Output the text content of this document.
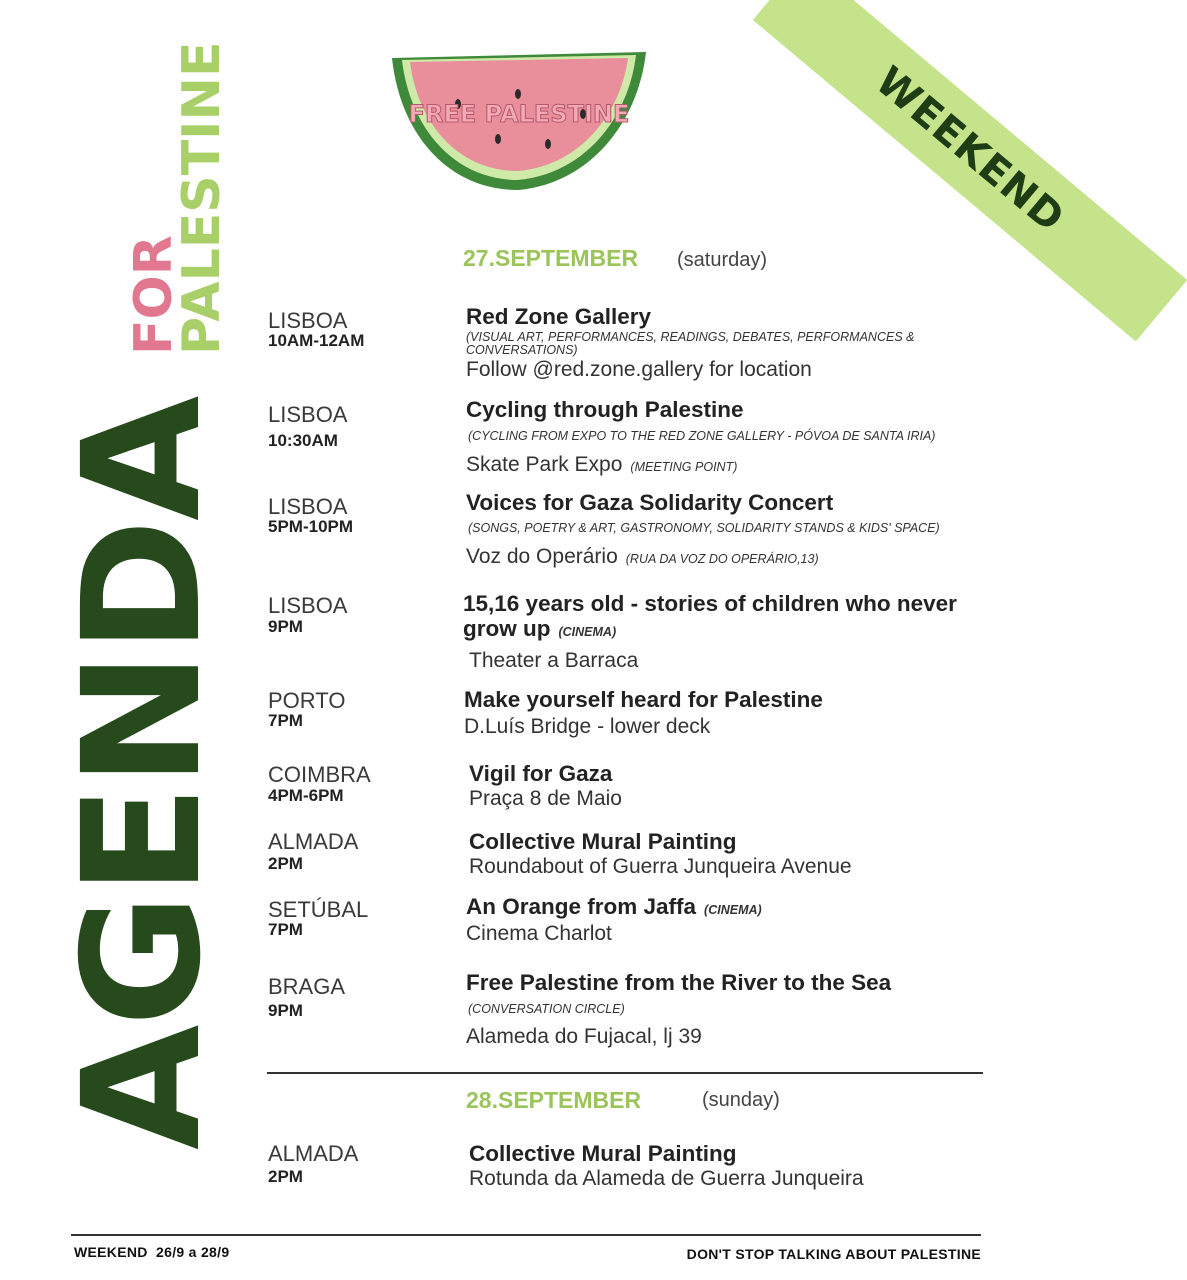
WEEKEND
FREE PALESTINE
AGENDA
FOR
PALESTINE	27.SEPTEMBER (saturday)
LISBOA
10AM-12AM
Red Zone Gallery
(VISUAL ART, PERFORMANCES, READINGS, DEBATES, PERFORMANCES & CONVERSATIONS)
Follow @red.zone.gallery for location
LISBOA
10:30AM
Cycling through Palestine
(CYCLING FROM EXPO TO THE RED ZONE GALLERY - PÓVOA DE SANTA IRIA)
Skate Park Expo (MEETING POINT)
LISBOA
5PM-10PM
Voices for Gaza Solidarity Concert
(SONGS, POETRY & ART, GASTRONOMY, SOLIDARITY STANDS & KIDS' SPACE)
Voz do Operário (RUA DA VOZ DO OPERÁRIO,13)
LISBOA
9PM
15,16 years old - stories of children who never grow up (CINEMA)
Theater a Barraca
PORTO
7PM
Make yourself heard for Palestine
D.Luís Bridge - lower deck
COIMBRA
4PM-6PM
Vigil for Gaza
Praça 8 de Maio
ALMADA
2PM
Collective Mural Painting
Roundabout of Guerra Junqueira Avenue
SETÚBAL
7PM
An Orange from Jaffa (CINEMA)
Cinema Charlot
BRAGA
9PM
Free Palestine from the River to the Sea
(CONVERSATION CIRCLE)
Alameda do Fujacal, lj 39
28.SEPTEMBER	(sunday)
ALMADA
2PM
Collective Mural Painting
Rotunda da Alameda de Guerra Junqueira
WEEKEND  26/9 a 28/9	DON'T STOP TALKING ABOUT PALESTINE
